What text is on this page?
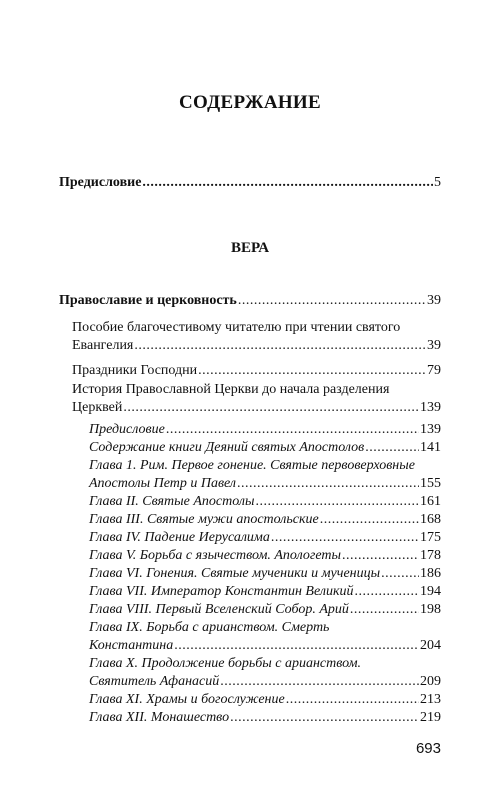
СОДЕРЖАНИЕ
Предисловие .....	5
ВЕРА
Православие и церковность .....	39
Пособие благочестивому читателю при чтении святого
Евангелия .....	39
Праздники Господни .....	79
История Православной Церкви до начала разделения
Церквей .....	139
Предисловие .....	139
Содержание книги Деяний святых Апостолов .....	141
Глава 1. Рим. Первое гонение. Святые первоверховные
Апостолы Петр и Павел .....	155
Глава II. Святые Апостолы .....	161
Глава III. Святые мужи апостольские .....	168
Глава IV. Падение Иерусалима .....	175
Глава V. Борьба с язычеством. Апологеты .....	178
Глава VI. Гонения. Святые мученики и мученицы .....	186
Глава VII. Император Константин Великий .....	194
Глава VIII. Первый Вселенский Собор. Арий .....	198
Глава IX. Борьба с арианством. Смерть
Константина .....	204
Глава X. Продолжение борьбы с арианством.
Святитель Афанасий .....	209
Глава XI. Храмы и богослужение .....	213
Глава XII. Монашество .....	219
693
